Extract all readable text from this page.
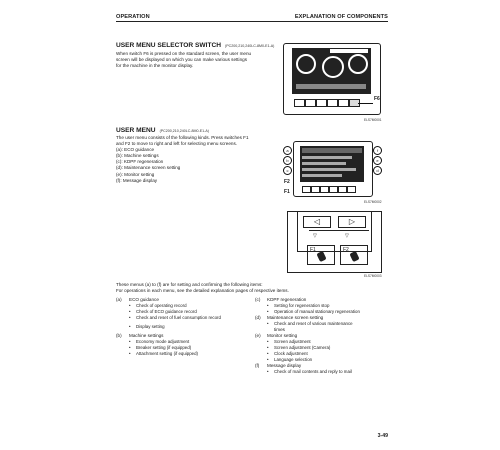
OPERATION	EXPLANATION OF COMPONENTS
USER MENU SELECTOR SWITCH (PC200,210,240LC-8M0-E1-A)
When switch F6 is pressed on the standard screen, the user menu
screen will be displayed on which you can make various settings
for the machine in the monitor display.
F6
ELS7M0001
USER MENU (PC200,210,240LC-8M0-E1-A)
The user menu consists of the following kinds. Press switches F1
and F2 to move to right and left for selecting menu screens.
(a): ECO guidance
(b): Machine settings
(c): KDPF regeneration
(d): Maintenance screen setting
(e): Monitor setting
(f): Message display
a
b
c
f
e
d
F2
F1
ELS7M0002
◁	▷
▽	▽
F1	F2
ELS7M0003
These menus (a) to (f) are for setting and confirming the following items:
For operations in each menu, see the detailed explanation pages of respective items.
(a) ECO guidance
• Check of operating record
• Check of ECO guidance record
• Check and reset of fuel consumption record
• Display setting
(b) Machine settings
• Economy mode adjustment
• Breaker setting (if equipped)
• Attachment setting (if equipped)
(c) KDPF regeneration
• Setting for regeneration stop
• Operation of manual stationary regeneration
(d) Maintenance screen setting
• Check and reset of various maintenance
times
(e) Monitor setting
• Screen adjustment
• Screen adjustment (Camera)
• Clock adjustment
• Language selection
(f) Message display
• Check of mail contents and reply to mail
3-49
